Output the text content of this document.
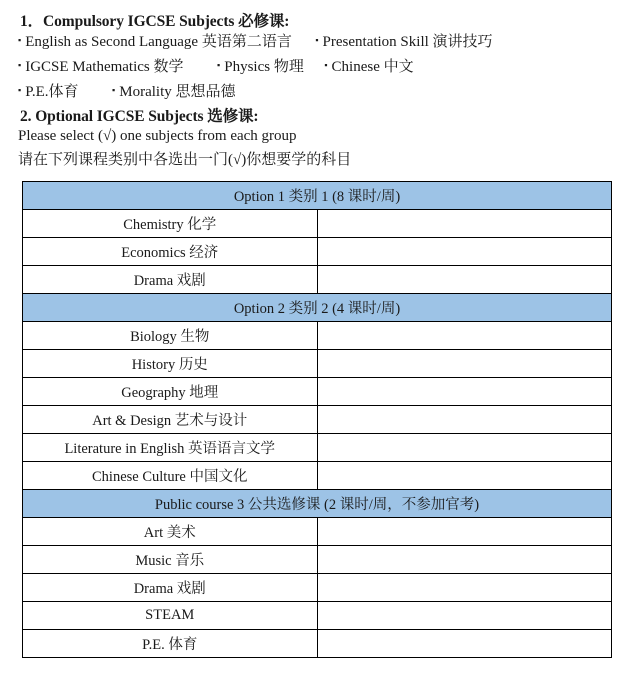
1．Compulsory IGCSE Subjects 必修课:
▪ English as Second Language 英语第二语言	▪ Presentation Skill 演讲技巧
▪ IGCSE Mathematics 数学	▪ Physics 物理 ▪ Chinese 中文
▪ P.E.体育	▪ Morality 思想品德
2. Optional IGCSE Subjects 选修课:
Please select (√) one subjects from each group
请在下列课程类别中各选出一门(√)你想要学的科目
Option 1 类别 1 (8 课时/周)	
Chemistry 化学	
Economics 经济	
Drama 戏剧	
Option 2 类别 2 (4 课时/周)	
Biology 生物	
History 历史	
Geography 地理	
Art & Design 艺术与设计	
Literature in English 英语语言文学	
Chinese Culture 中国文化	
Public course 3 公共选修课 (2 课时/周，不参加官考)	
Art 美术	
Music 音乐	
Drama 戏剧	
STEAM	
P.E. 体育	
